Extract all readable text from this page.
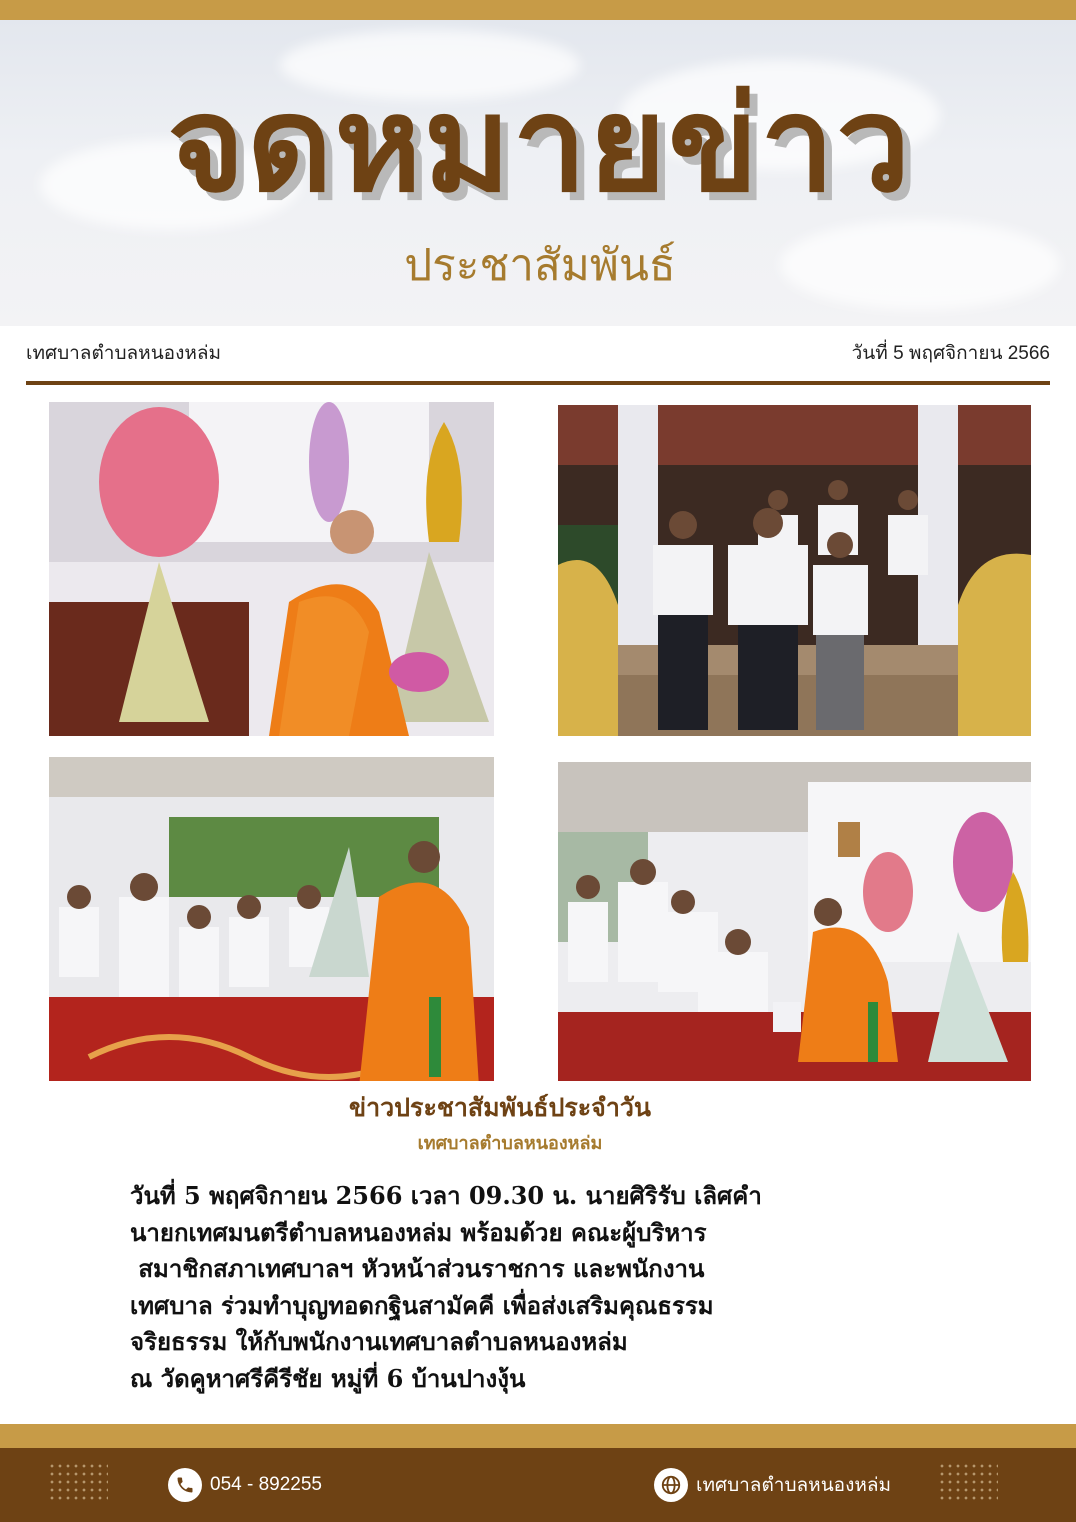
จดหมายข่าว
ประชาสัมพันธ์
เทศบาลตำบลหนองหล่ม	วันที่ 5 พฤศจิกายน 2566
ข่าวประชาสัมพันธ์ประจำวัน
เทศบาลตำบลหนองหล่ม
วันที่ 5 พฤศจิกายน 2566 เวลา 09.30 น. นายศิริรับ เลิศคำ
นายกเทศมนตรีตำบลหนองหล่ม พร้อมด้วย คณะผู้บริหาร
สมาชิกสภาเทศบาลฯ หัวหน้าส่วนราชการ และพนักงาน
เทศบาล ร่วมทำบุญทอดกฐินสามัคคี เพื่อส่งเสริมคุณธรรม
จริยธรรม ให้กับพนักงานเทศบาลตำบลหนองหล่ม
ณ วัดคูหาศรีคีรีชัย หมู่ที่ 6 บ้านปางงุ้น
054 - 892255	เทศบาลตำบลหนองหล่ม
